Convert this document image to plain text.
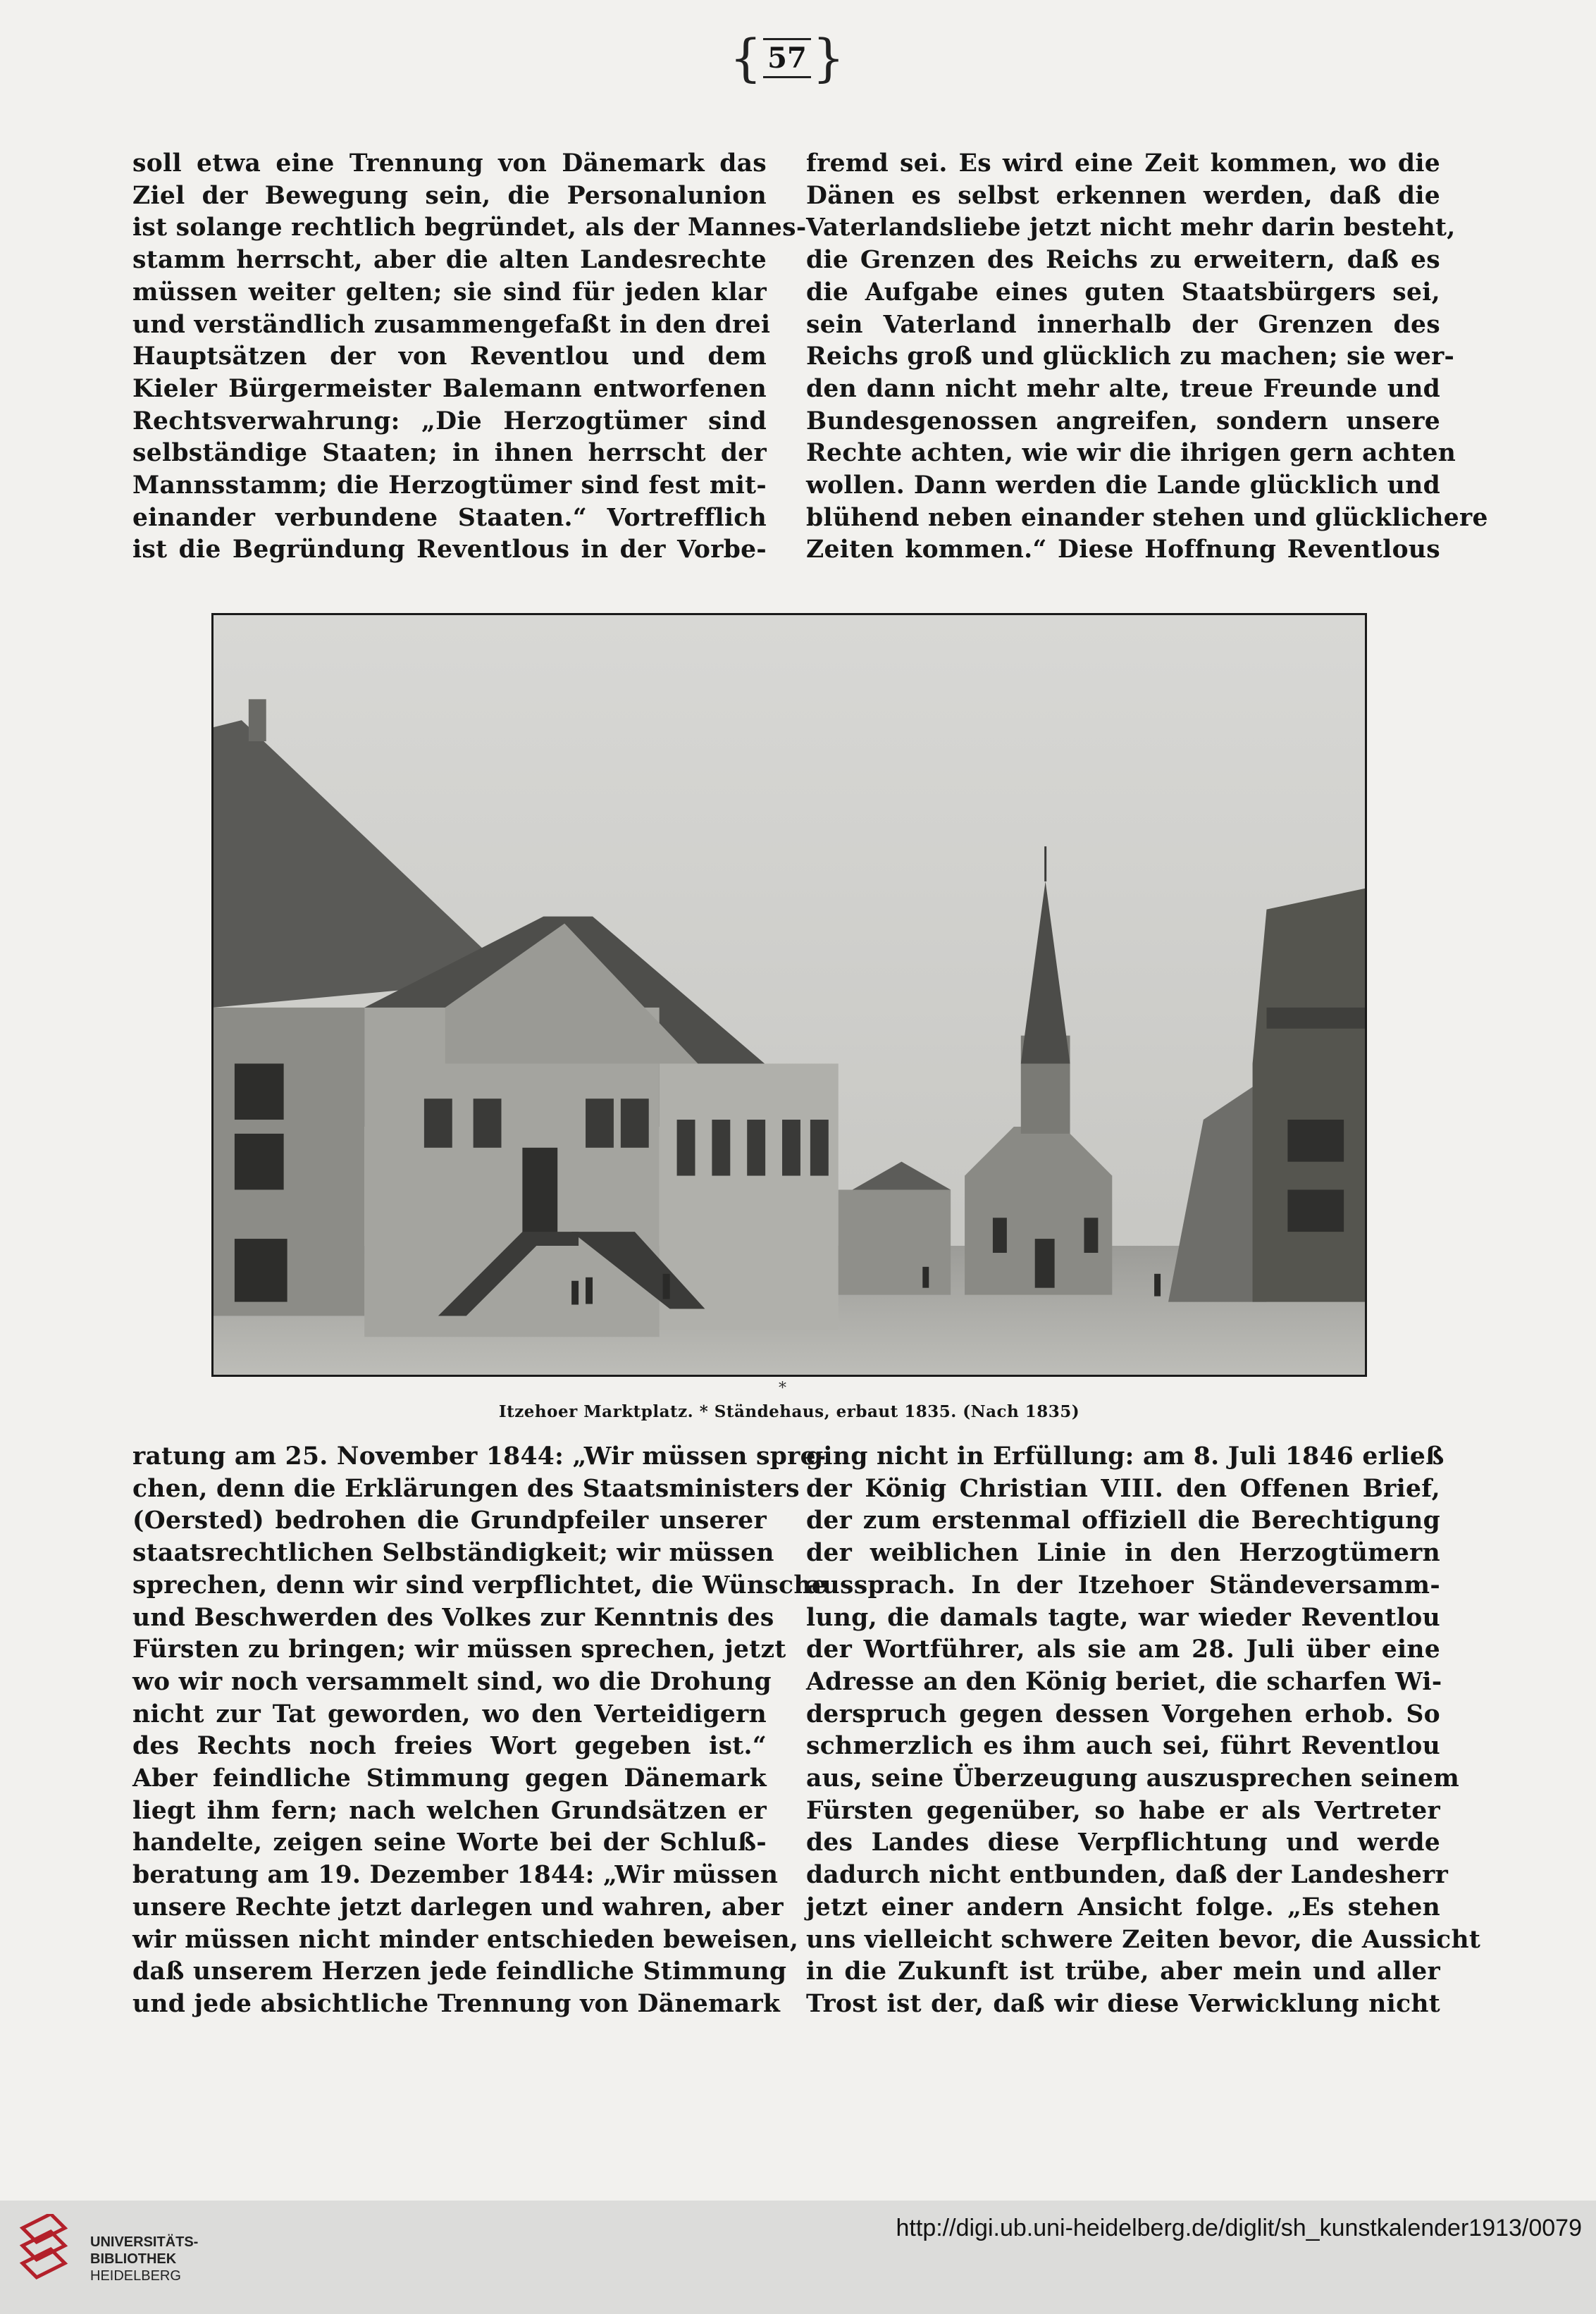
{ 57 }
soll etwa eine Trennung von Dänemark das
Ziel der Bewegung sein, die Personalunion
ist solange rechtlich begründet, als der Mannes-
stamm herrscht, aber die alten Landesrechte
müssen weiter gelten; sie sind für jeden klar
und verständlich zusammengefaßt in den drei
Hauptsätzen der von Reventlou und dem
Kieler Bürgermeister Balemann entworfenen
Rechtsverwahrung: „Die Herzogtümer sind
selbständige Staaten; in ihnen herrscht der
Mannsstamm; die Herzogtümer sind fest mit-
einander verbundene Staaten.“ Vortrefflich
ist die Begründung Reventlous in der Vorbe-
fremd sei. Es wird eine Zeit kommen, wo die
Dänen es selbst erkennen werden, daß die
Vaterlandsliebe jetzt nicht mehr darin besteht,
die Grenzen des Reichs zu erweitern, daß es
die Aufgabe eines guten Staatsbürgers sei,
sein Vaterland innerhalb der Grenzen des
Reichs groß und glücklich zu machen; sie wer-
den dann nicht mehr alte, treue Freunde und
Bundesgenossen angreifen, sondern unsere
Rechte achten, wie wir die ihrigen gern achten
wollen. Dann werden die Lande glücklich und
blühend neben einander stehen und glücklichere
Zeiten kommen.“ Diese Hoffnung Reventlous
*
Itzehoer Marktplatz. * Ständehaus, erbaut 1835. (Nach 1835)
ratung am 25. November 1844: „Wir müssen spre-
chen, denn die Erklärungen des Staatsministers
(Oersted) bedrohen die Grundpfeiler unserer
staatsrechtlichen Selbständigkeit; wir müssen
sprechen, denn wir sind verpflichtet, die Wünsche
und Beschwerden des Volkes zur Kenntnis des
Fürsten zu bringen; wir müssen sprechen, jetzt
wo wir noch versammelt sind, wo die Drohung
nicht zur Tat geworden, wo den Verteidigern
des Rechts noch freies Wort gegeben ist.“
Aber feindliche Stimmung gegen Dänemark
liegt ihm fern; nach welchen Grundsätzen er
handelte, zeigen seine Worte bei der Schluß-
beratung am 19. Dezember 1844: „Wir müssen
unsere Rechte jetzt darlegen und wahren, aber
wir müssen nicht minder entschieden beweisen,
daß unserem Herzen jede feindliche Stimmung
und jede absichtliche Trennung von Dänemark
ging nicht in Erfüllung: am 8. Juli 1846 erließ
der König Christian VIII. den Offenen Brief,
der zum erstenmal offiziell die Berechtigung
der weiblichen Linie in den Herzogtümern
aussprach. In der Itzehoer Ständeversamm-
lung, die damals tagte, war wieder Reventlou
der Wortführer, als sie am 28. Juli über eine
Adresse an den König beriet, die scharfen Wi-
derspruch gegen dessen Vorgehen erhob. So
schmerzlich es ihm auch sei, führt Reventlou
aus, seine Überzeugung auszusprechen seinem
Fürsten gegenüber, so habe er als Vertreter
des Landes diese Verpflichtung und werde
dadurch nicht entbunden, daß der Landesherr
jetzt einer andern Ansicht folge. „Es stehen
uns vielleicht schwere Zeiten bevor, die Aussicht
in die Zukunft ist trübe, aber mein und aller
Trost ist der, daß wir diese Verwicklung nicht
UNIVERSITÄTS-
BIBLIOTHEK
HEIDELBERG
http://digi.ub.uni-heidelberg.de/diglit/sh_kunstkalender1913/0079
